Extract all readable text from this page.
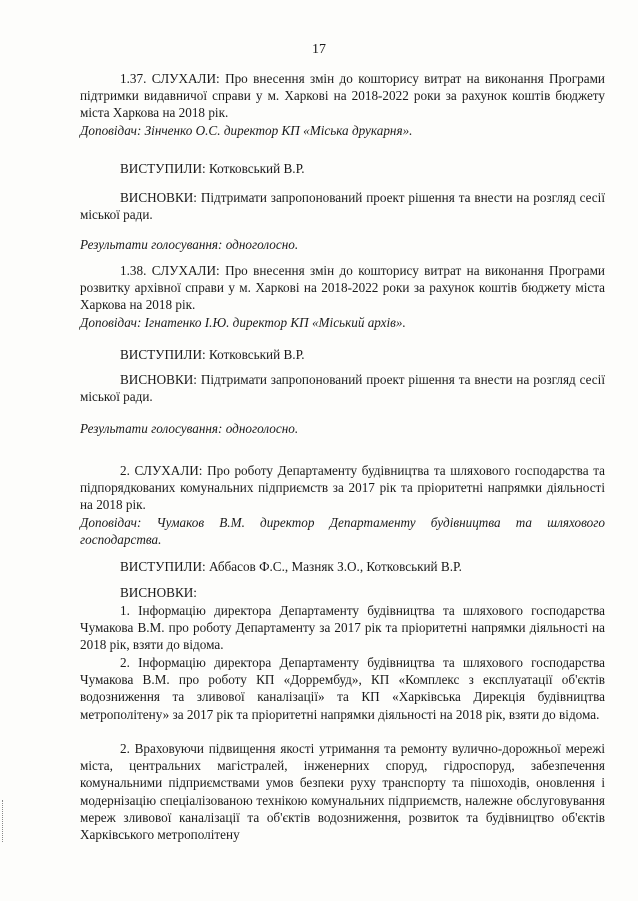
17
1.37. СЛУХАЛИ: Про внесення змін до кошторису витрат на виконання Програми підтримки видавничої справи у м. Харкові на 2018-2022 роки за рахунок коштів бюджету міста Харкова на 2018 рік.
Доповідач: Зінченко О.С. директор КП «Міська друкарня».
ВИСТУПИЛИ: Котковський В.Р.
ВИСНОВКИ: Підтримати запропонований проект рішення та внести на розгляд сесії міської ради.
Результати голосування: одноголосно.
1.38. СЛУХАЛИ: Про внесення змін до кошторису витрат на виконання Програми розвитку архівної справи у м. Харкові на 2018-2022 роки за рахунок коштів бюджету міста Харкова на 2018 рік.
Доповідач: Ігнатенко І.Ю. директор КП «Міський архів».
ВИСТУПИЛИ: Котковський В.Р.
ВИСНОВКИ: Підтримати запропонований проект рішення та внести на розгляд сесії міської ради.
Результати голосування: одноголосно.
2. СЛУХАЛИ: Про роботу Департаменту будівництва та шляхового господарства та підпорядкованих комунальних підприємств за 2017 рік та пріоритетні напрямки діяльності на 2018 рік.
Доповідач: Чумаков В.М. директор Департаменту будівництва та шляхового господарства.
ВИСТУПИЛИ: Аббасов Ф.С., Мазняк З.О., Котковський В.Р.
ВИСНОВКИ:
1. Інформацію директора Департаменту будівництва та шляхового господарства Чумакова В.М. про роботу Департаменту за 2017 рік та пріоритетні напрямки діяльності на 2018 рік, взяти до відома.
2. Інформацію директора Департаменту будівництва та шляхового господарства Чумакова В.М. про роботу КП «Доррембуд», КП «Комплекс з експлуатації об'єктів водозниження та зливової каналізації» та КП «Харківська Дирекція будівництва метрополітену» за 2017 рік та пріоритетні напрямки діяльності на 2018 рік, взяти до відома.
2. Враховуючи підвищення якості утримання та ремонту вулично-дорожньої мережі міста, центральних магістралей, інженерних споруд, гідроспоруд, забезпечення комунальними підприємствами умов безпеки руху транспорту та пішоходів, оновлення і модернізацію спеціалізованою технікою комунальних підприємств, належне обслуговування мереж зливової каналізації та об'єктів водозниження, розвиток та будівництво об'єктів Харківського метрополітену
